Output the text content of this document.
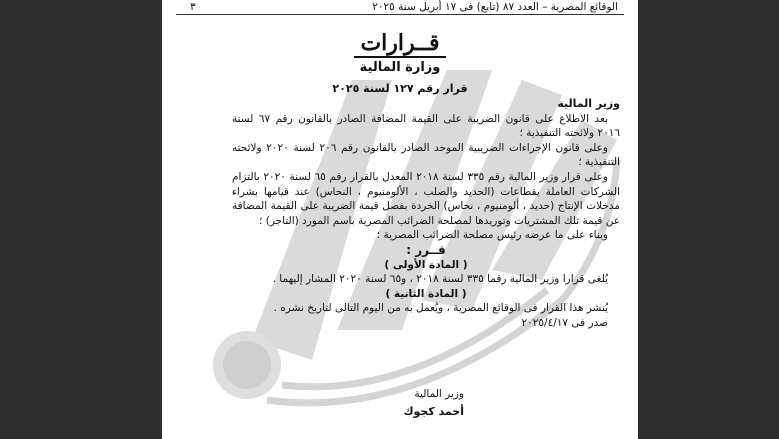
الوقائع المصرية – العدد ٨٧ (تابع) فى ١٧ أبريل سنة ٢٠٢٥
٣
قــرارات
وزارة المالية
قرار رقم ١٢٧ لسنة ٢٠٢٥

وزير المالية

بعد الاطلاع على قانون الضريبة على القيمة المضافة الصادر بالقانون رقم ٦٧ لسنة ٢٠١٦ ولائحته التنفيذية ؛

وعلى قانون الإجراءات الضريبية الموحد الصادر بالقانون رقم ٢٠٦ لسنة ٢٠٢٠ ولائحته التنفيذية ؛

وعلى قرار وزير المالية رقم ٣٣٥ لسنة ٢٠١٨ المعدل بالقرار رقم ٦٥ لسنة ٢٠٢٠ بالتزام الشركات العاملة بقطاعات (الحديد والصلب ، الألومنيوم ، النحاس) عند قيامها بشراء مدخلات الإنتاج (حديد ، ألومنيوم ، نحاس) الخردة بفصل قيمة الضريبة على القيمة المضافة عن قيمة تلك المشتريات وتوريدها لمصلحة الضرائب المصرية باسم المورد (التاجر) ؛

وبناء على ما عرضه رئيس مصلحة الضرائب المصرية ؛

قــرر :

( المادة الأولى )

يُلغى قرارا وزير المالية رقما ٣٣٥ لسنة ٢٠١٨ ، و٦٥ لسنة ٢٠٢٠ المشار إليهما .

( المادة الثانية )

يُنشر هذا القرار فى الوقائع المصرية ، ويُعمل به من اليوم التالى لتاريخ نشره .

صدر فى ٢٠٢٥/٤/١٧

وزير المالية
أحمد كجوك
